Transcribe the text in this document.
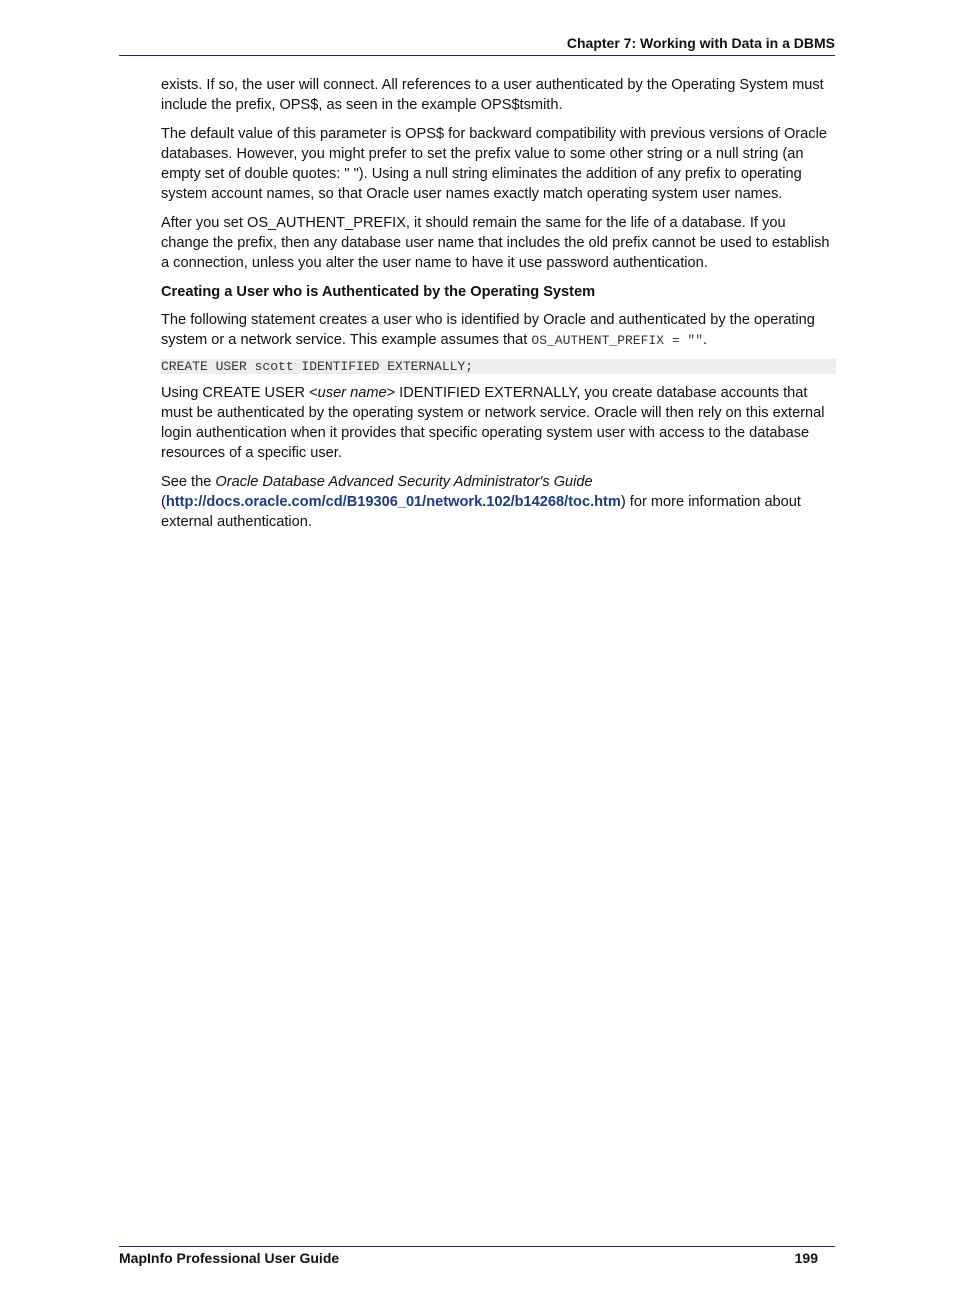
Chapter 7: Working with Data in a DBMS

exists. If so, the user will connect. All references to a user authenticated by the Operating System must include the prefix, OPS$, as seen in the example OPS$tsmith.

The default value of this parameter is OPS$ for backward compatibility with previous versions of Oracle databases. However, you might prefer to set the prefix value to some other string or a null string (an empty set of double quotes: " "). Using a null string eliminates the addition of any prefix to operating system account names, so that Oracle user names exactly match operating system user names.

After you set OS_AUTHENT_PREFIX, it should remain the same for the life of a database. If you change the prefix, then any database user name that includes the old prefix cannot be used to establish a connection, unless you alter the user name to have it use password authentication.

Creating a User who is Authenticated by the Operating System

The following statement creates a user who is identified by Oracle and authenticated by the operating system or a network service. This example assumes that OS_AUTHENT_PREFIX = "".

CREATE USER scott IDENTIFIED EXTERNALLY;

Using CREATE USER <user name> IDENTIFIED EXTERNALLY, you create database accounts that must be authenticated by the operating system or network service. Oracle will then rely on this external login authentication when it provides that specific operating system user with access to the database resources of a specific user.

See the Oracle Database Advanced Security Administrator's Guide
(http://docs.oracle.com/cd/B19306_01/network.102/b14268/toc.htm) for more information about external authentication.

MapInfo Professional User Guide	199
